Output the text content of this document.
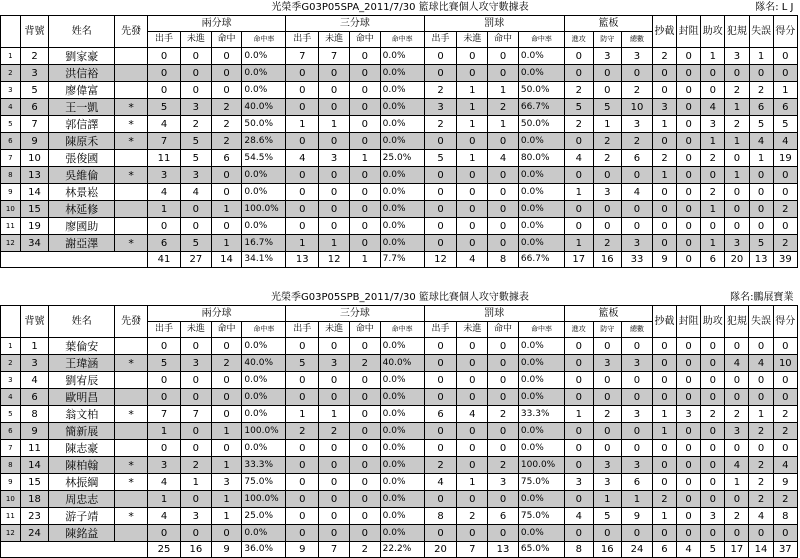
				光榮季G03P05SPA_2011/7/30 籃球比賽個人攻守數據表															隊名: L J					
	背號	姓名	先發	兩分球				三分球				罰球				籃板			抄截	封阻	助攻	犯規	失誤	得分
				出手	未進	命中	命中率	出手	未進	命中	命中率	出手	未進	命中	命中率	進攻	防守	總數						
1	2	劉家豪		0	0	0	0.0%	7	7	0	0.0%	0	0	0	0.0%	0	3	3	2	0	1	3	1	0
2	3	洪信裕		0	0	0	0.0%	0	0	0	0.0%	0	0	0	0.0%	0	0	0	0	0	0	0	0	0
3	5	廖偉富		0	0	0	0.0%	0	0	0	0.0%	2	1	1	50.0%	2	0	2	0	0	0	2	2	1
4	6	王一凱	*	5	3	2	40.0%	0	0	0	0.0%	3	1	2	66.7%	5	5	10	3	0	4	1	6	6
5	7	郭信譯	*	4	2	2	50.0%	1	1	0	0.0%	2	1	1	50.0%	2	1	3	1	0	3	2	5	5
6	9	陳原禾	*	7	5	2	28.6%	0	0	0	0.0%	0	0	0	0.0%	0	2	2	0	0	1	1	4	4
7	10	張俊國		11	5	6	54.5%	4	3	1	25.0%	5	1	4	80.0%	4	2	6	2	0	2	0	1	19
8	13	吳維倫	*	3	3	0	0.0%	0	0	0	0.0%	0	0	0	0.0%	0	0	0	1	0	0	1	0	0
9	14	林景崧		4	4	0	0.0%	0	0	0	0.0%	0	0	0	0.0%	1	3	4	0	0	2	0	0	0
10	15	林延修		1	0	1	100.0%	0	0	0	0.0%	0	0	0	0.0%	0	0	0	0	0	1	0	0	2
11	19	廖國助		0	0	0	0.0%	0	0	0	0.0%	0	0	0	0.0%	0	0	0	0	0	0	0	0	0
12	34	謝亞澤	*	6	5	1	16.7%	1	1	0	0.0%	0	0	0	0.0%	1	2	3	0	0	1	3	5	2
				41	27	14	34.1%	13	12	1	7.7%	12	4	8	66.7%	17	16	33	9	0	6	20	13	39
				光榮季G03P05SPB_2011/7/30 籃球比賽個人攻守數據表															隊名:鵬展寶業					
	背號	姓名	先發	兩分球				三分球				罰球				籃板			抄截	封阻	助攻	犯規	失誤	得分
				出手	未進	命中	命中率	出手	未進	命中	命中率	出手	未進	命中	命中率	進攻	防守	總數						
1	1	葉倫安		0	0	0	0.0%	0	0	0	0.0%	0	0	0	0.0%	0	0	0	0	0	0	0	0	0
2	3	王瑋涵	*	5	3	2	40.0%	5	3	2	40.0%	0	0	0	0.0%	0	3	3	0	0	0	4	4	10
3	4	劉宥辰		0	0	0	0.0%	0	0	0	0.0%	0	0	0	0.0%	0	0	0	0	0	0	0	0	0
4	6	歐明昌		0	0	0	0.0%	0	0	0	0.0%	0	0	0	0.0%	0	0	0	0	0	0	0	0	0
5	8	翁文柏	*	7	7	0	0.0%	1	1	0	0.0%	6	4	2	33.3%	1	2	3	1	3	2	2	1	2
6	9	簡新展		1	0	1	100.0%	2	2	0	0.0%	0	0	0	0.0%	0	0	0	1	0	0	3	2	2
7	11	陳志豪		0	0	0	0.0%	0	0	0	0.0%	0	0	0	0.0%	0	0	0	0	0	0	0	0	0
8	14	陳柏翰	*	3	2	1	33.3%	0	0	0	0.0%	2	0	2	100.0%	0	3	3	0	0	0	4	2	4
9	15	林振綱	*	4	1	3	75.0%	0	0	0	0.0%	4	1	3	75.0%	3	3	6	0	0	0	1	2	9
10	18	周忠志		1	0	1	100.0%	0	0	0	0.0%	0	0	0	0.0%	0	1	1	2	0	0	0	2	2
11	23	游子靖	*	4	3	1	25.0%	0	0	0	0.0%	8	2	6	75.0%	4	5	9	1	0	3	2	4	8
12	24	陳銘益		0	0	0	0.0%	0	0	0	0.0%	0	0	0	0.0%	0	0	0	0	0	0	0	0	0
				25	16	9	36.0%	9	7	2	22.2%	20	7	13	65.0%	8	16	24	6	4	5	17	14	37
